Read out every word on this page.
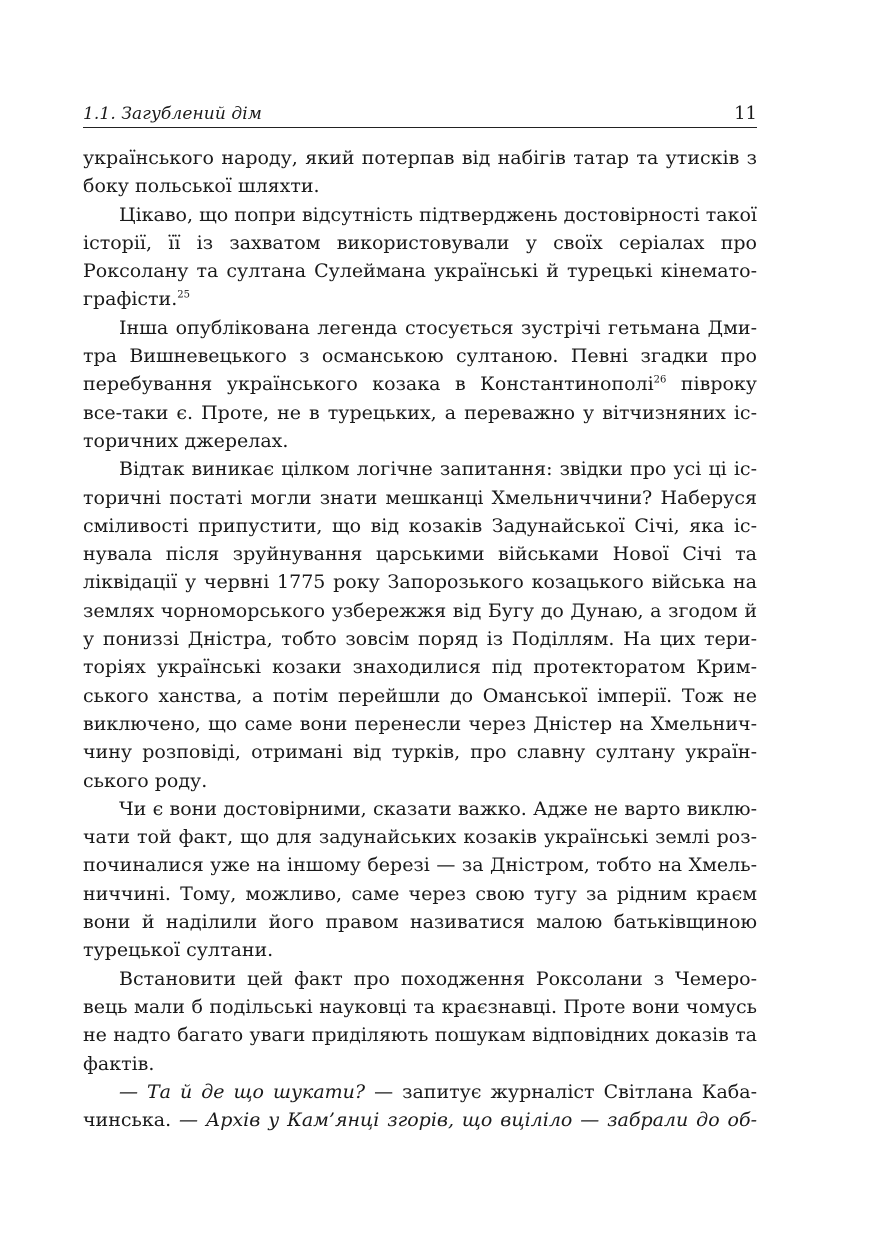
1.1. Загублений дім	11

українського народу, який потерпав від набігів татар та утисків з боку польської шляхти.

Цікаво, що попри відсутність підтверджень достовірності такої історії, її із захватом використовували у своїх серіалах про Роксолану та султана Сулеймана українські й турецькі кінематографісти.$^{25}$

Інша опублікована легенда стосується зустрічі гетьмана Дмитра Вишневецького з османською султаною. Певні згадки про перебування українського козака в Константинополі$^{26}$ півроку все-таки є. Проте, не в турецьких, а переважно у вітчизняних історичних джерелах.

Відтак виникає цілком логічне запитання: звідки про усі ці історичні постаті могли знати мешканці Хмельниччини? Наберуся сміливості припустити, що від козаків Задунайської Січі, яка існувала після зруйнування царськими військами Нової Січі та ліквідації у червні 1775 року Запорозького козацького війська на землях чорноморського узбережжя від Бугу до Дунаю, а згодом й у пониззі Дністра, тобто зовсім поряд із Поділлям. На цих територіях українські козаки знаходилися під протекторатом Кримського ханства, а потім перейшли до Оманської імперії. Тож не виключено, що саме вони перенесли через Дністер на Хмельниччину розповіді, отримані від турків, про славну султану українського роду.

Чи є вони достовірними, сказати важко. Адже не варто виключати той факт, що для задунайських козаків українські землі розпочиналися уже на іншому березі — за Дністром, тобто на Хмельниччині. Тому, можливо, саме через свою тугу за рідним краєм вони й наділили його правом називатися малою батьківщиною турецької султани.

Встановити цей факт про походження Роксолани з Чемеровець мали б подільські науковці та краєзнавці. Проте вони чомусь не надто багато уваги приділяють пошукам відповідних доказів та фактів.

— Та й де що шукати? — запитує журналіст Світлана Кабачинська. — Архів у Кам’янці згорів, що вціліло — забрали до об-
